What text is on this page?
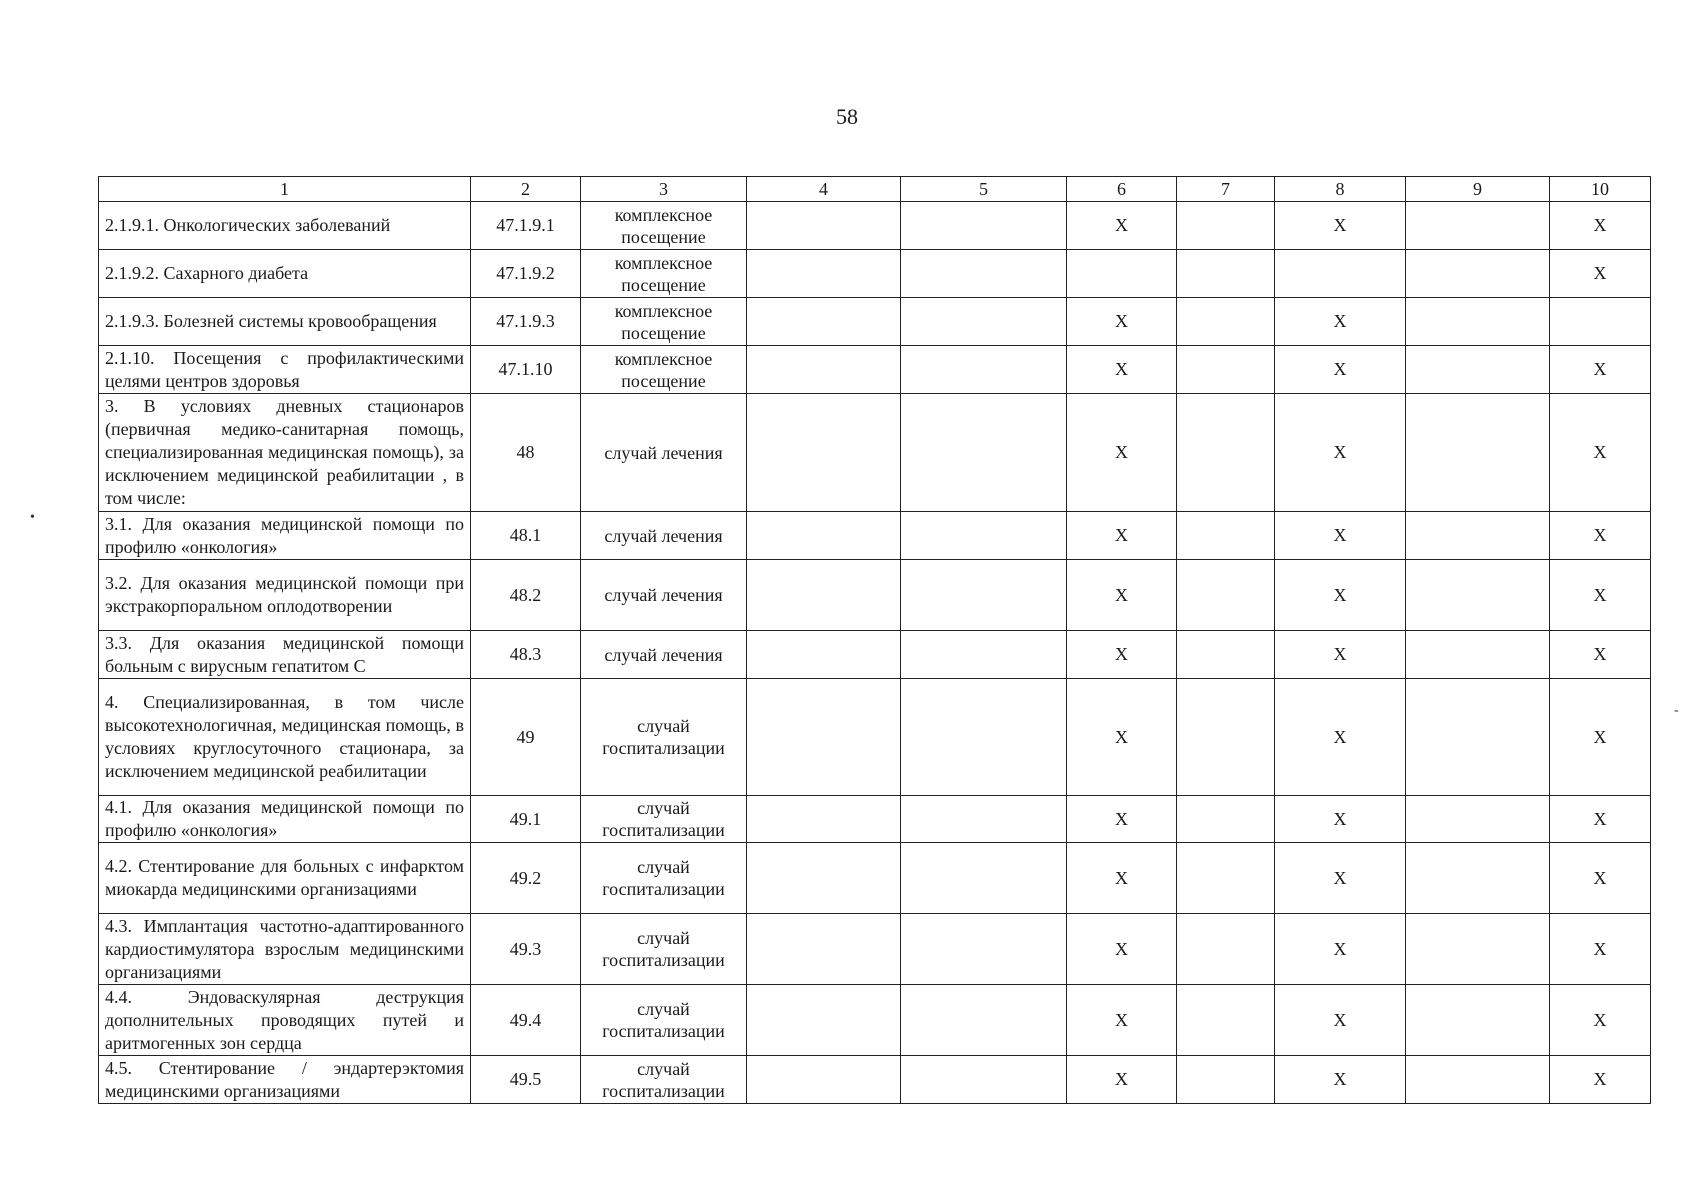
58
1	2	3	4	5	6	7	8	9	10
2.1.9.1. Онкологических заболеваний	47.1.9.1	комплексное посещение			Х		Х		Х
2.1.9.2. Сахарного диабета	47.1.9.2	комплексное посещение							Х
2.1.9.3. Болезней системы кровообращения	47.1.9.3	комплексное посещение			Х		Х		
2.1.10. Посещения с профилактическими целями центров здоровья	47.1.10	комплексное посещение			Х		Х		Х
3. В условиях дневных стационаров (первичная медико-санитарная помощь, специализированная медицинская помощь), за исключением медицинской реабилитации , в том числе:	48	случай лечения			Х		Х		Х
3.1. Для оказания медицинской помощи по профилю «онкология»	48.1	случай лечения			Х		Х		Х
3.2. Для оказания медицинской помощи при экстракорпоральном оплодотворении	48.2	случай лечения			Х		Х		Х
3.3. Для оказания медицинской помощи больным с вирусным гепатитом С	48.3	случай лечения			Х		Х		Х
4. Специализированная, в том числе высокотехнологичная, медицинская помощь, в условиях круглосуточного стационара, за исключением медицинской реабилитации	49	случай госпитализации			Х		Х		Х
4.1. Для оказания медицинской помощи по профилю «онкология»	49.1	случай госпитализации			Х		Х		Х
4.2. Стентирование для больных с инфарктом миокарда медицинскими организациями	49.2	случай госпитализации			Х		Х		Х
4.3. Имплантация частотно-адаптированного кардиостимулятора взрослым медицинскими организациями	49.3	случай госпитализации			Х		Х		Х
4.4. Эндоваскулярная деструкция дополнительных проводящих путей и аритмогенных зон сердца	49.4	случай госпитализации			Х		Х		Х
4.5. Стентирование / эндартерэктомия медицинскими организациями	49.5	случай госпитализации			Х		Х		Х
•
-
